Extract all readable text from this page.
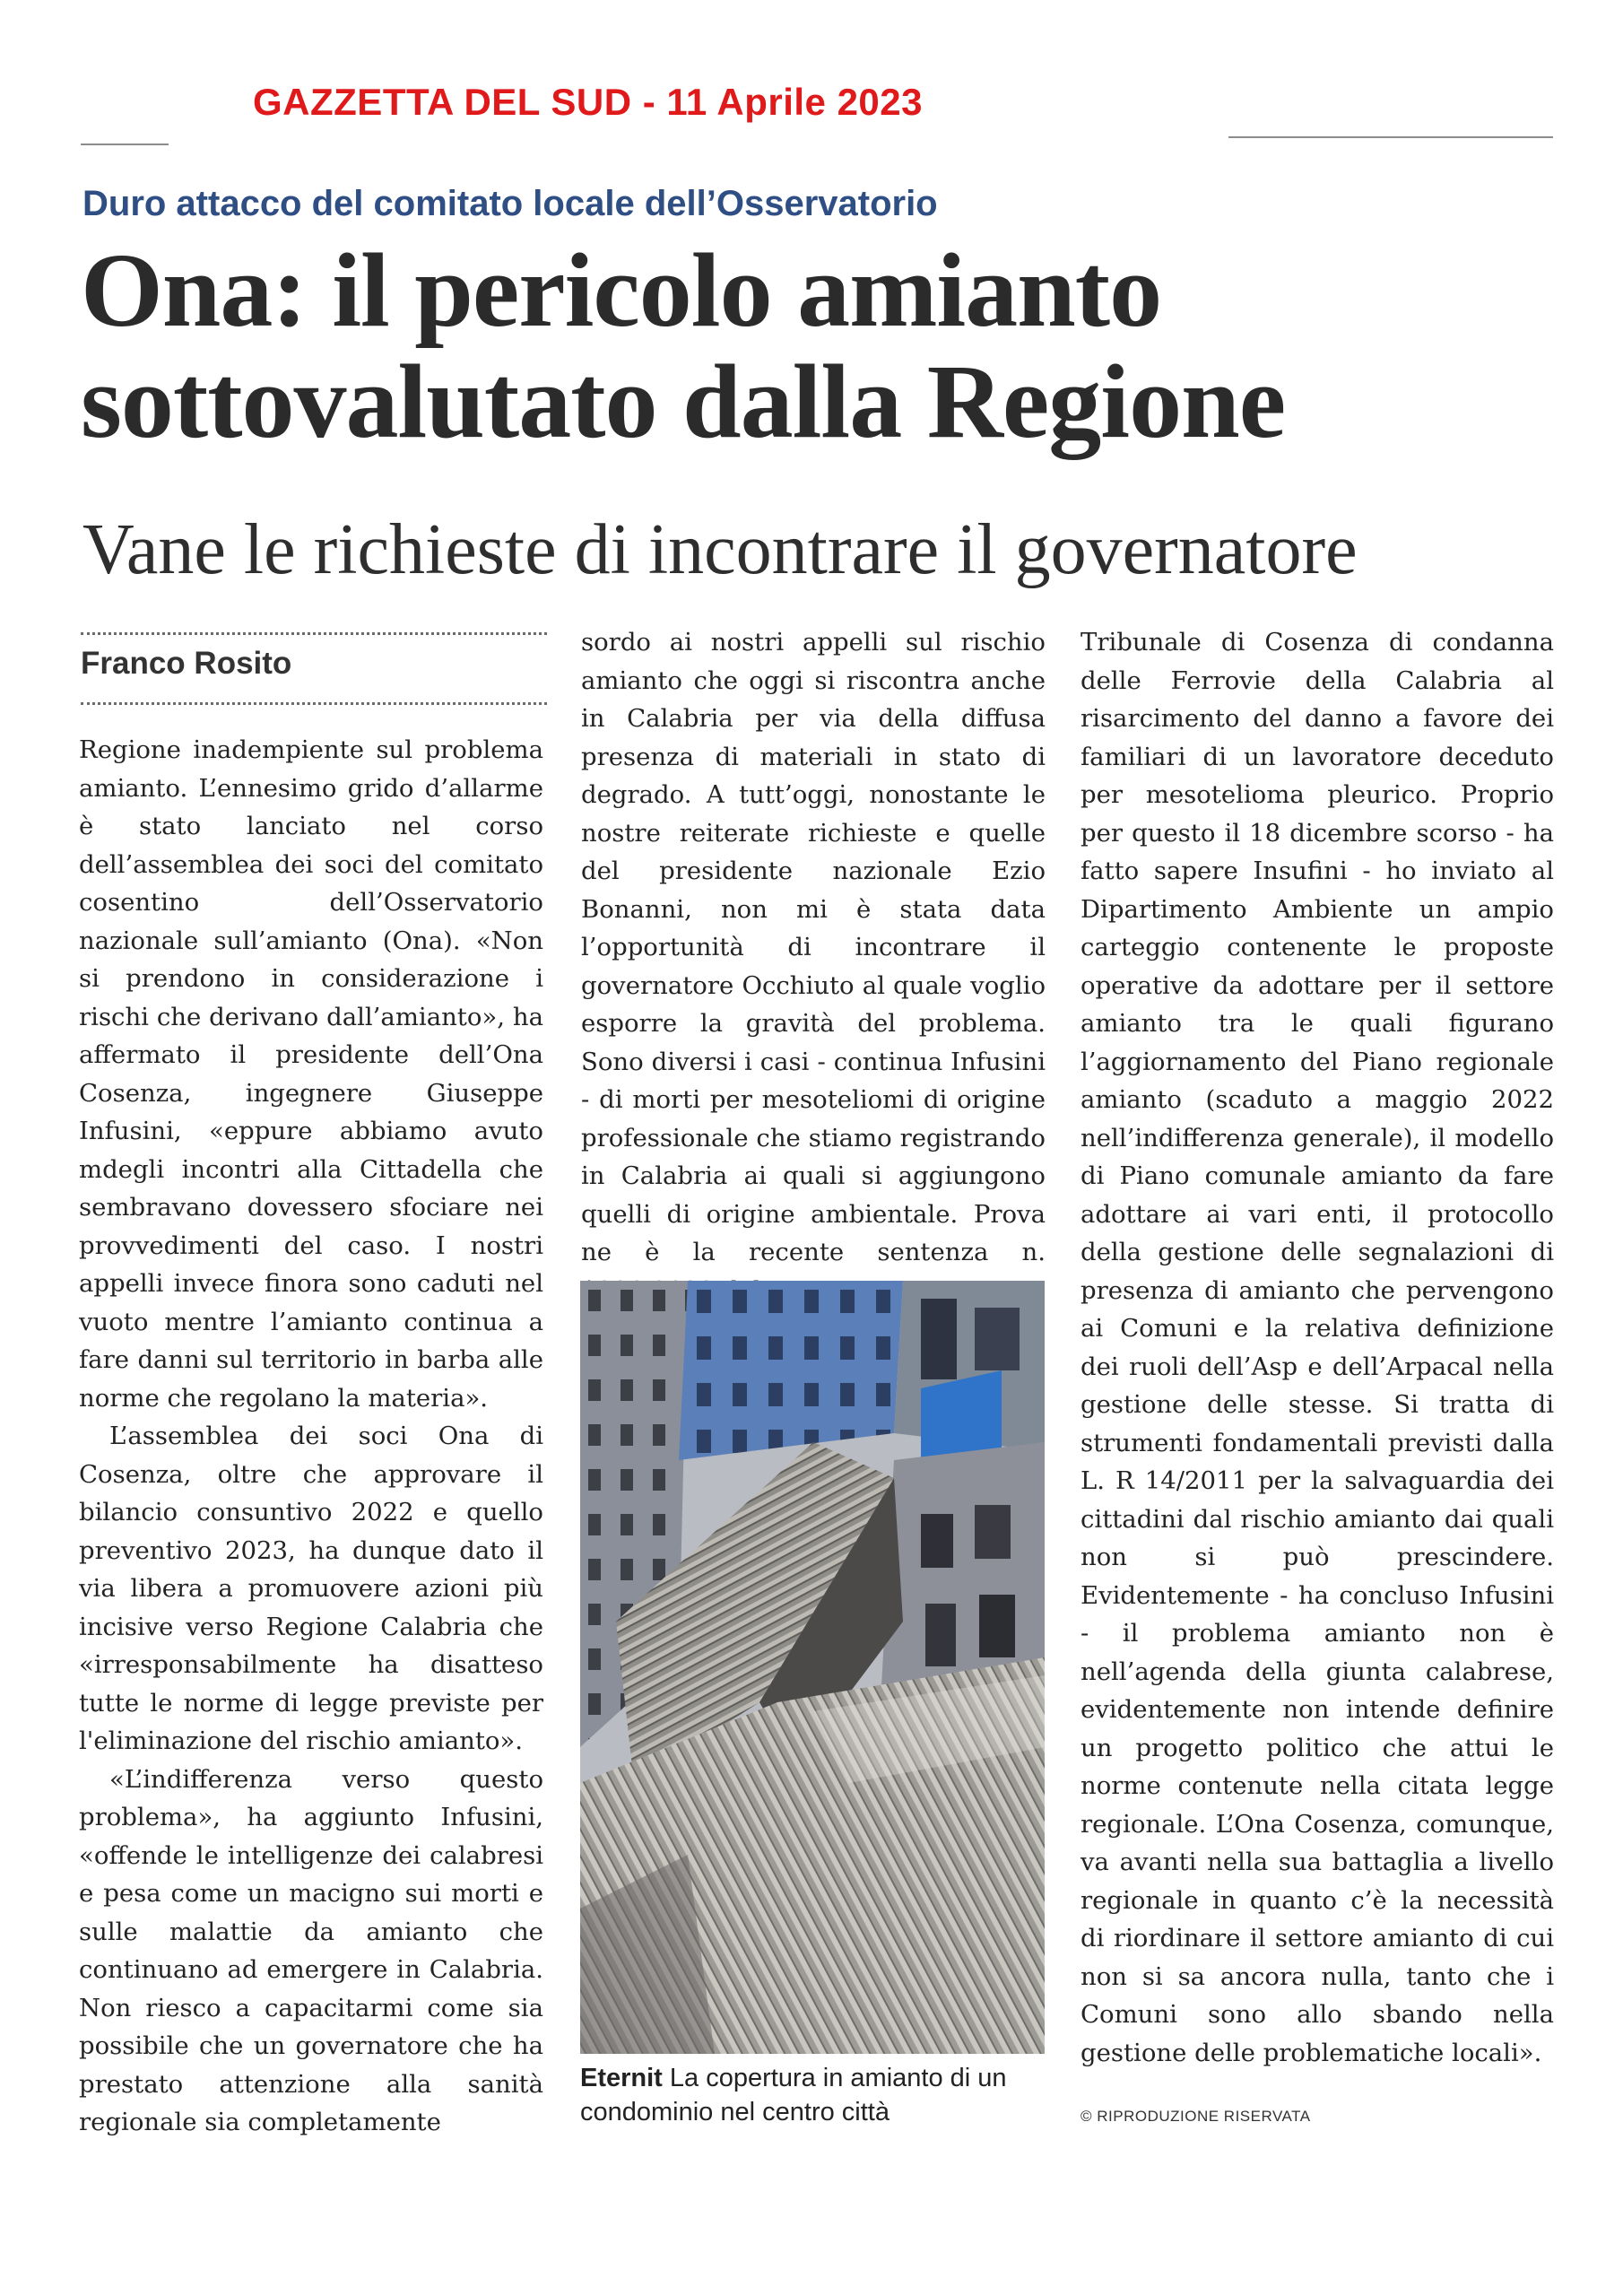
GAZZETTA DEL SUD - 11 Aprile 2023
Duro attacco del comitato locale dell’Osservatorio
Ona: il pericolo amianto
sottovalutato dalla Regione
Vane le richieste di incontrare il governatore
Franco Rosito

Regione inadempiente sul problema amianto. L’ennesimo grido d’allarme è stato lanciato nel corso dell’assemblea dei soci del comitato cosentino dell’Osservatorio nazionale sull’amianto (Ona). «Non si prendono in considerazione i rischi che derivano dall’amianto», ha affermato il presidente dell’Ona Cosenza, ingegnere Giuseppe Infusini, «eppure abbiamo avuto mdegli incontri alla Cittadella che sembravano dovessero sfociare nei provvedimenti del caso. I nostri appelli invece finora sono caduti nel vuoto mentre l’amianto continua a fare danni sul territorio in barba alle norme che regolano la materia».

L’assemblea dei soci Ona di Cosenza, oltre che approvare il bilancio consuntivo 2022 e quello preventivo 2023, ha dunque dato il via libera a promuovere azioni più incisive verso Regione Calabria che «irresponsabilmente ha disatteso tutte le norme di legge previste per l'eliminazione del rischio amianto».

«L’indifferenza verso questo problema», ha aggiunto Infusini, «offende le intelligenze dei calabresi e pesa come un macigno sui morti e sulle malattie da amianto che continuano ad emergere in Calabria. Non riesco a capacitarmi come sia possibile che un governatore che ha prestato attenzione alla sanità regionale sia completamente

sordo ai nostri appelli sul rischio amianto che oggi si riscontra anche in Calabria per via della diffusa presenza di materiali in stato di degrado. A tutt’oggi, nonostante le nostre reiterate richieste e quelle del presidente nazionale Ezio Bonanni, non mi è stata data l’opportunità di incontrare il governatore Occhiuto al quale voglio esporre la gravità del problema. Sono diversi i casi - continua Infusini - di morti per mesoteliomi di origine professionale che stiamo registrando in Calabria ai quali si aggiungono quelli di origine ambientale. Prova ne è la recente sentenza n.

Eternit La copertura in amianto di un condominio nel centro città

Tribunale di Cosenza di condanna delle Ferrovie della Calabria al risarcimento del danno a favore dei familiari di un lavoratore deceduto per mesotelioma pleurico. Proprio per questo il 18 dicembre scorso - ha fatto sapere Insufini - ho inviato al Dipartimento Ambiente un ampio carteggio contenente le proposte operative da adottare per il settore amianto tra le quali figurano l’aggiornamento del Piano regionale amianto (scaduto a maggio 2022 nell’indifferenza generale), il modello di Piano comunale amianto da fare adottare ai vari enti, il protocollo della gestione delle segnalazioni di presenza di amianto che pervengono ai Comuni e la relativa definizione dei ruoli dell’Asp e dell’Arpacal nella gestione delle stesse. Si tratta di strumenti fondamentali previsti dalla L. R 14/2011 per la salvaguardia dei cittadini dal rischio amianto dai quali non si può prescindere. Evidentemente - ha concluso Infusini - il problema amianto non è nell’agenda della giunta calabrese, evidentemente non intende definire un progetto politico che attui le norme contenute nella citata legge regionale. L’Ona Cosenza, comunque, va avanti nella sua battaglia a livello regionale in quanto c’è la necessità di riordinare il settore amianto di cui non si sa ancora nulla, tanto che i Comuni sono allo sbando nella gestione delle problematiche locali».

© RIPRODUZIONE RISERVATA
